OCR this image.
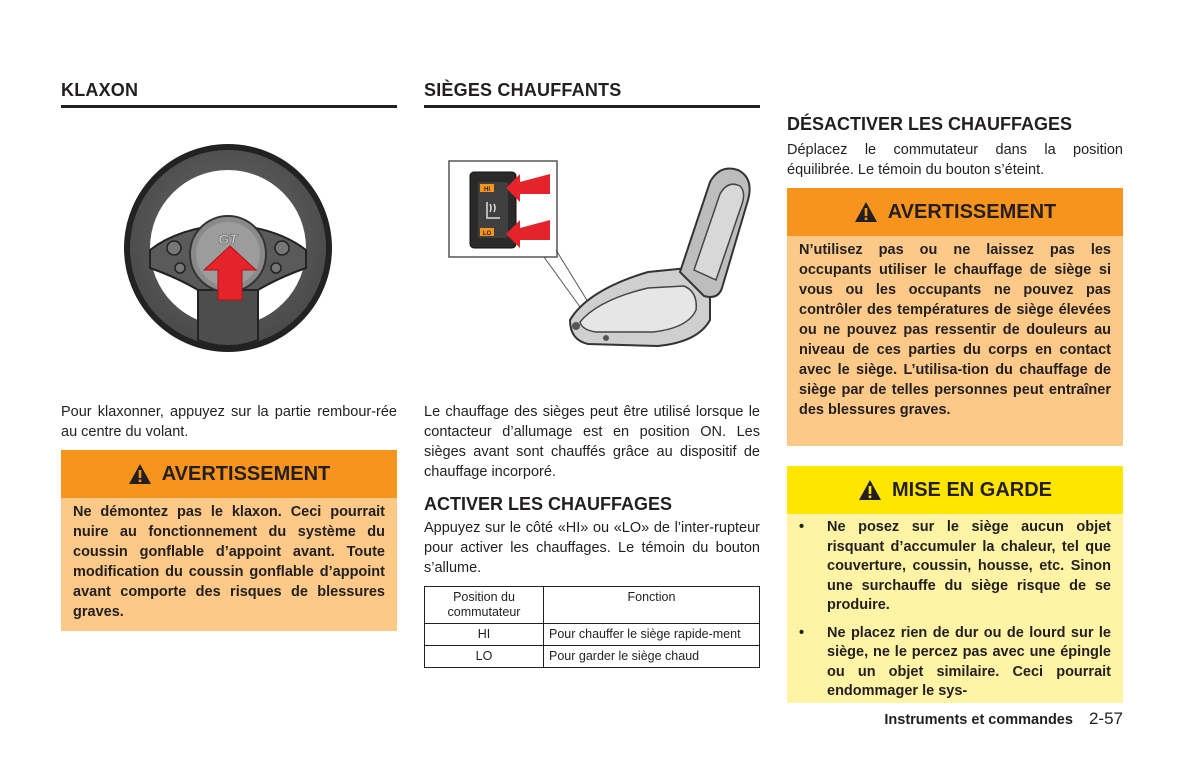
KLAXON
GT

Pour klaxonner, appuyez sur la partie rembour-rée au centre du volant.

AVERTISSEMENT
Ne démontez pas le klaxon. Ceci pourrait nuire au fonctionnement du système du coussin gonflable d’appoint avant. Toute modification du coussin gonflable d’appoint avant comporte des risques de blessures graves.
SIÈGES CHAUFFANTS
HI
LO

Le chauffage des sièges peut être utilisé lorsque le contacteur d’allumage est en position ON. Les sièges avant sont chauffés grâce au dispositif de chauffage incorporé.

ACTIVER LES CHAUFFAGES

Appuyez sur le côté «HI» ou «LO» de l’inter-rupteur pour activer les chauffages. Le témoin du bouton s’allume.

Position du commutateur	Fonction
HI	Pour chauffer le siège rapide-ment
LO	Pour garder le siège chaud
DÉSACTIVER LES CHAUFFAGES

Déplacez le commutateur dans la position équilibrée. Le témoin du bouton s’éteint.

AVERTISSEMENT
N’utilisez pas ou ne laissez pas les occupants utiliser le chauffage de siège si vous ou les occupants ne pouvez pas contrôler des températures de siège élevées ou ne pouvez pas ressentir de douleurs au niveau de ces parties du corps en contact avec le siège. L’utilisa-tion du chauffage de siège par de telles personnes peut entraîner des blessures graves.
MISE EN GARDE
• Ne posez sur le siège aucun objet risquant d’accumuler la chaleur, tel que couverture, coussin, housse, etc. Sinon une surchauffe du siège risque de se produire.
• Ne placez rien de dur ou de lourd sur le siège, ne le percez pas avec une épingle ou un objet similaire. Ceci pourrait endommager le sys-
Instruments et commandes 2-57
